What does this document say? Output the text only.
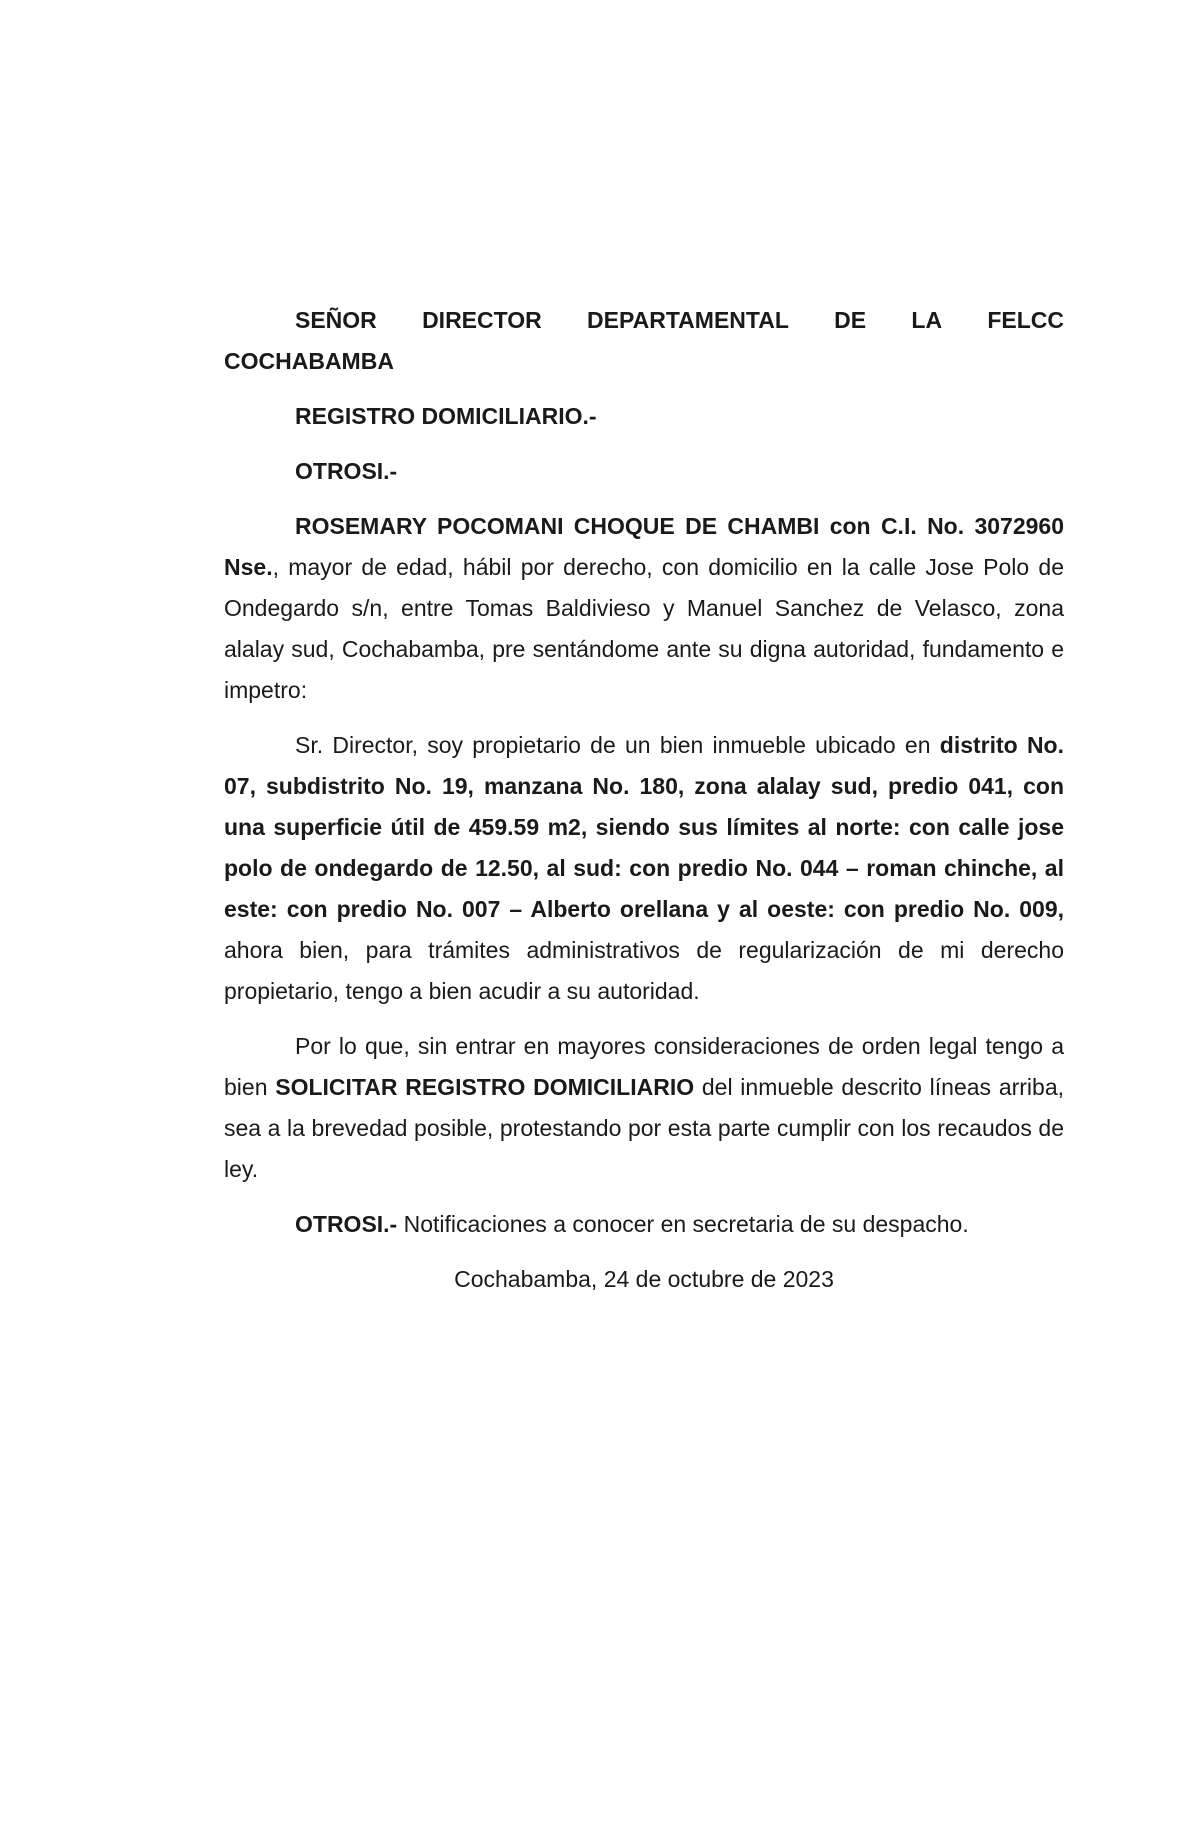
SEÑOR DIRECTOR DEPARTAMENTAL DE LA FELCC
COCHABAMBA

REGISTRO DOMICILIARIO.-

OTROSI.-

ROSEMARY POCOMANI CHOQUE DE CHAMBI con C.I. No. 3072960 Nse., mayor de edad, hábil por derecho, con domicilio en la calle Jose Polo de Ondegardo s/n, entre Tomas Baldivieso y Manuel Sanchez de Velasco, zona alalay sud, Cochabamba, pre sentándome ante su digna autoridad, fundamento e impetro:

Sr. Director, soy propietario de un bien inmueble ubicado en distrito No. 07, subdistrito No. 19, manzana No. 180, zona alalay sud, predio 041, con una superficie útil de 459.59 m2, siendo sus límites al norte: con calle jose polo de ondegardo de 12.50, al sud: con predio No. 044 – roman chinche, al este: con predio No. 007 – Alberto orellana y al oeste: con predio No. 009, ahora bien, para trámites administrativos de regularización de mi derecho propietario, tengo a bien acudir a su autoridad.

Por lo que, sin entrar en mayores consideraciones de orden legal tengo a bien SOLICITAR REGISTRO DOMICILIARIO del inmueble descrito líneas arriba, sea a la brevedad posible, protestando por esta parte cumplir con los recaudos de ley.

OTROSI.- Notificaciones a conocer en secretaria de su despacho.

Cochabamba, 24 de octubre de 2023
